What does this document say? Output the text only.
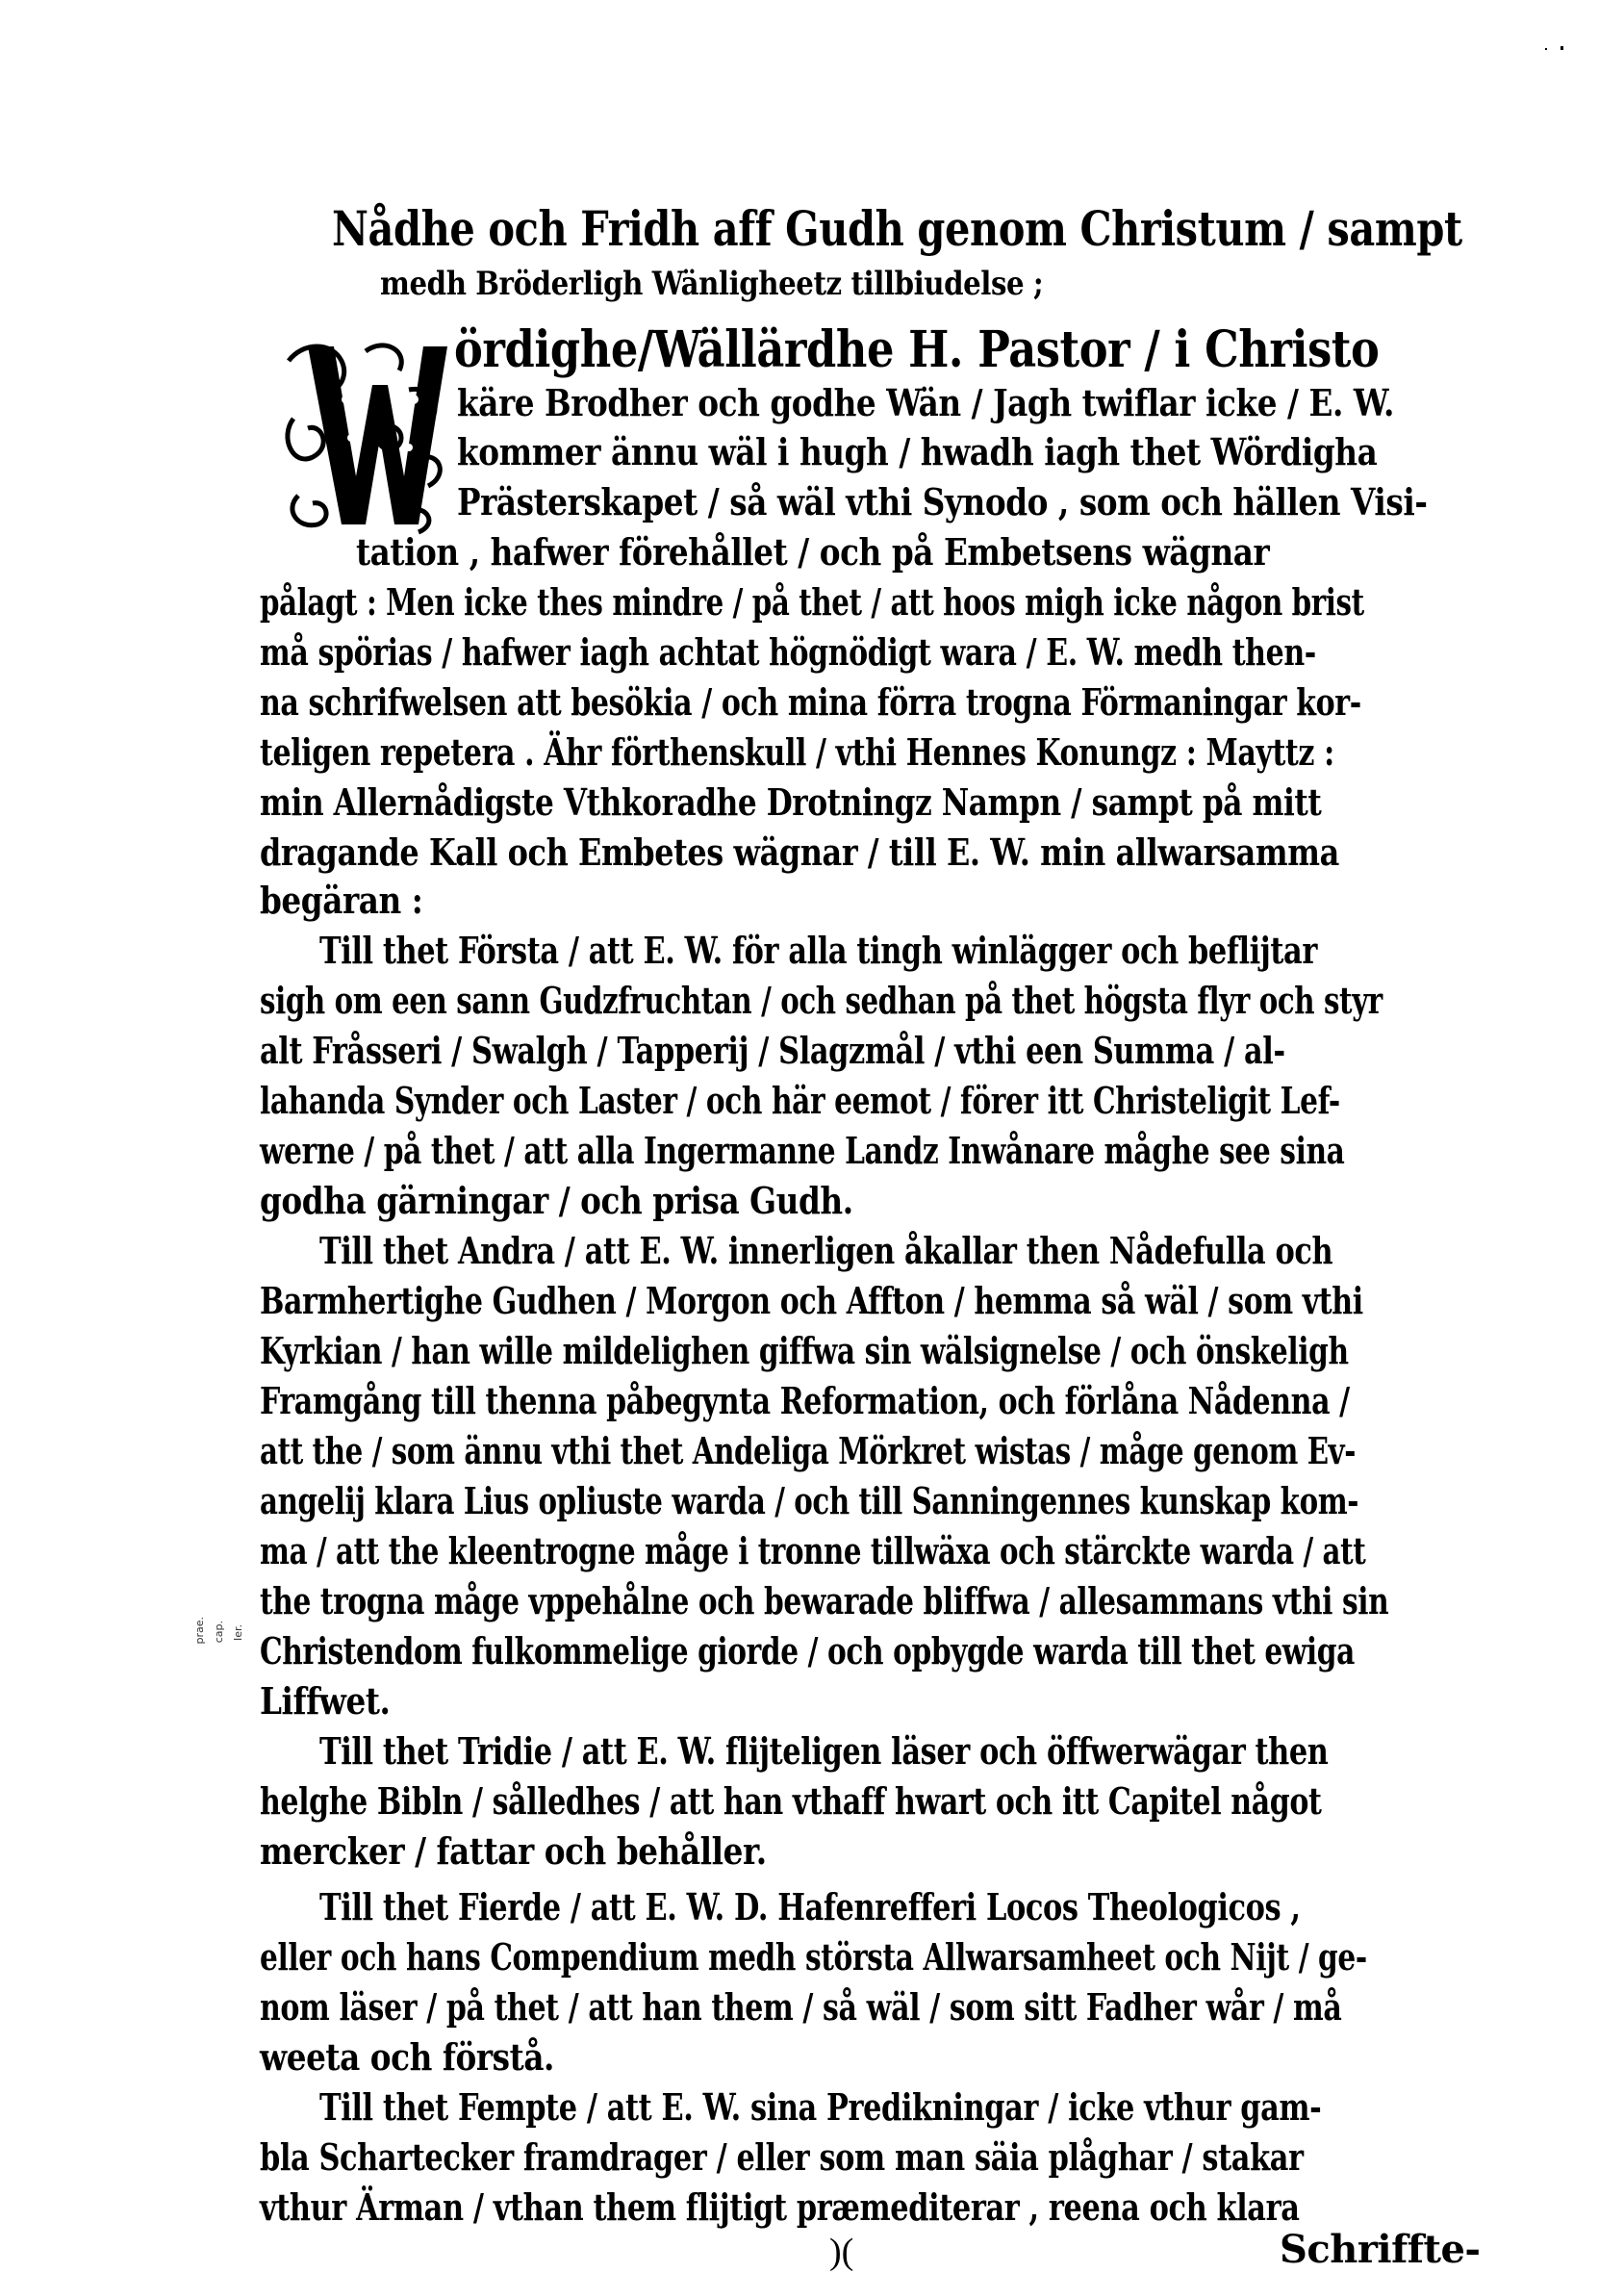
Nådhe och Fridh aff Gudh genom Christum / sampt
medh Bröderligh Wänligheetz tillbiudelse ;
ördighe/Wällärdhe H. Pastor / i Christo
käre Brodher och godhe Wän / Jagh twiflar icke / E. W.
kommer ännu wäl i hugh / hwadh iagh thet Wördigha
Prästerskapet / så wäl vthi Synodo , som och hällen Visi-
tation , hafwer förehållet / och på Embetsens wägnar
pålagt : Men icke thes mindre / på thet / att hoos migh icke någon brist
må spörias / hafwer iagh achtat högnödigt wara / E. W. medh then-
na schrifwelsen att besökia / och mina förra trogna Förmaningar kor-
teligen repetera . Ähr förthenskull / vthi Hennes Konungz : Mayttz :
min Allernådigste Vthkoradhe Drotningz Nampn / sampt på mitt
dragande Kall och Embetes wägnar / till E. W. min allwarsamma
begäran :
Till thet Första / att E. W. för alla tingh winlägger och beflijtar
sigh om een sann Gudzfruchtan / och sedhan på thet högsta flyr och styr
alt Fråsseri / Swalgh / Tapperij / Slagzmål / vthi een Summa / al-
lahanda Synder och Laster / och här eemot / förer itt Christeligit Lef-
werne / på thet / att alla Ingermanne Landz Inwånare måghe see sina
godha gärningar / och prisa Gudh.
Till thet Andra / att E. W. innerligen åkallar then Nådefulla och
Barmhertighe Gudhen / Morgon och Affton / hemma så wäl / som vthi
Kyrkian / han wille mildelighen giffwa sin wälsignelse / och önskeligh
Framgång till thenna påbegynta Reformation, och förlåna Nådenna /
att the / som ännu vthi thet Andeliga Mörkret wistas / måge genom Ev-
angelij klara Lius opliuste warda / och till Sanningennes kunskap kom-
ma / att the kleentrogne måge i tronne tillwäxa och stärckte warda / att
the trogna måge vppehålne och bewarade bliffwa / allesammans vthi sin
Christendom fulkommelige giorde / och opbygde warda till thet ewiga
Liffwet.
Till thet Tridie / att E. W. flijteligen läser och öffwerwägar then
helghe Bibln / sålledhes / att han vthaff hwart och itt Capitel något
mercker / fattar och behåller.
Till thet Fierde / att E. W. D. Hafenrefferi Locos Theologicos ,
eller och hans Compendium medh största Allwarsamheet och Nijt / ge-
nom läser / på thet / att han them / så wäl / som sitt Fadher wår / må
weeta och förstå.
Till thet Fempte / att E. W. sina Predikningar / icke vthur gam-
bla Schartecker framdrager / eller som man säia plåghar / stakar
vthur Ärman / vthan them flijtigt præmediterar , reena och klara
prae. cap. Ier.
)(	Schriffte-
